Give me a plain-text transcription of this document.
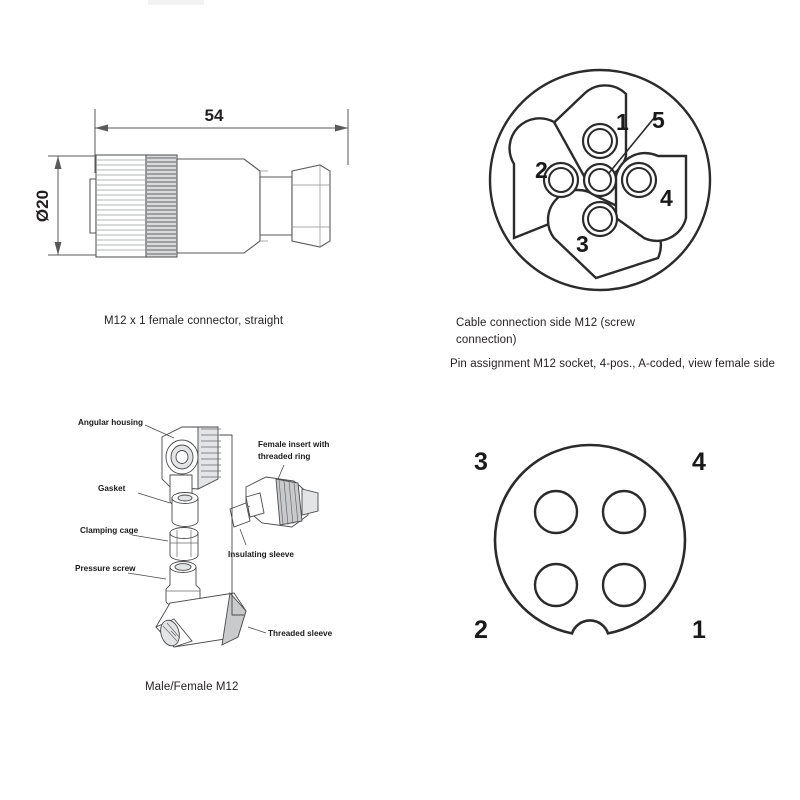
54
Ø20
M12 x 1 female connector, straight
1
2
3
4
5
Cable connection side M12 (screw
connection)
Pin assignment M12 socket, 4-pos., A-coded, view female side
Angular housing
Gasket
Clamping cage
Pressure screw
Threaded sleeve
Female insert with
threaded ring
Insulating sleeve
Male/Female M12
3	4
2	1
